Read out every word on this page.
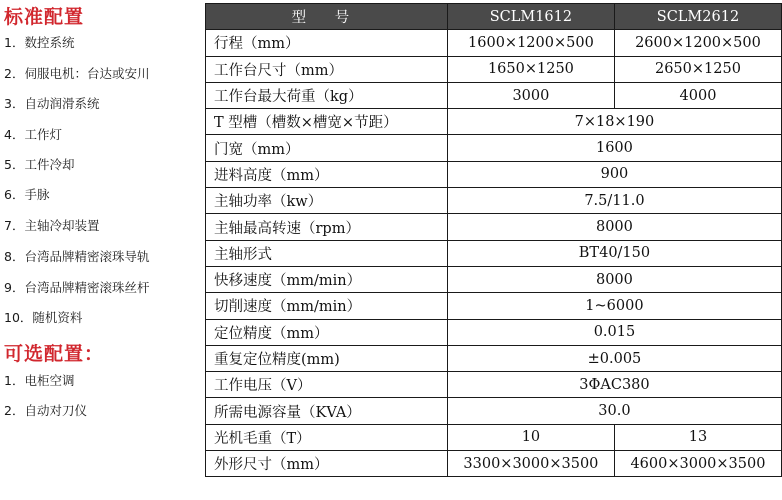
标准配置
1．数控系统
2．伺服电机：台达或安川
3．自动润滑系统
4．工作灯
5．工件冷却
6．手脉
7．主轴冷却装置
8．台湾品牌精密滚珠导轨
9．台湾品牌精密滚珠丝杆
10．随机资料
可选配置：
1．电柜空调
2．自动对刀仪
型 号	SCLM1612	SCLM2612
行程（mm）	1600×1200×500	2600×1200×500
工作台尺寸（mm）	1650×1250	2650×1250
工作台最大荷重（kg）	3000	4000
T 型槽（槽数×槽宽×节距）	7×18×190	
门宽（mm）	1600	
进料高度（mm）	900	
主轴功率（kw）	7.5/11.0	
主轴最高转速（rpm）	8000	
主轴形式	BT40/150	
快移速度（mm/min）	8000	
切削速度（mm/min）	1~6000	
定位精度（mm）	0.015	
重复定位精度(mm)	±0.005	
工作电压（V）	3ΦAC380	
所需电源容量（KVA）	30.0	
光机毛重（T）	10	13
外形尺寸（mm）	3300×3000×3500	4600×3000×3500
